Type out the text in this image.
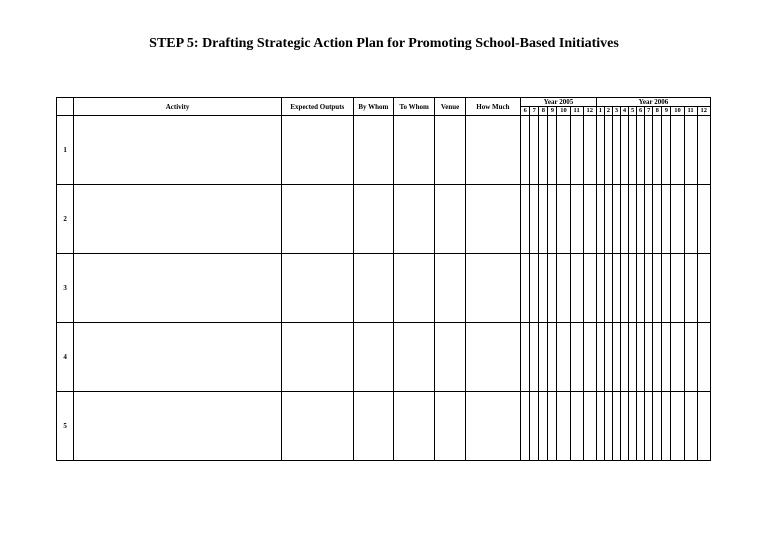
STEP 5: Drafting Strategic Action Plan for Promoting School-Based Initiatives
	Activity	Expected Outputs	By Whom	To Whom	Venue	How Much	Year 2005							Year 2006											
							6	7	8	9	10	11	12	1	2	3	4	5	6	7	8	9	10	11	12
1																									
2																									
3																									
4																									
5																									
